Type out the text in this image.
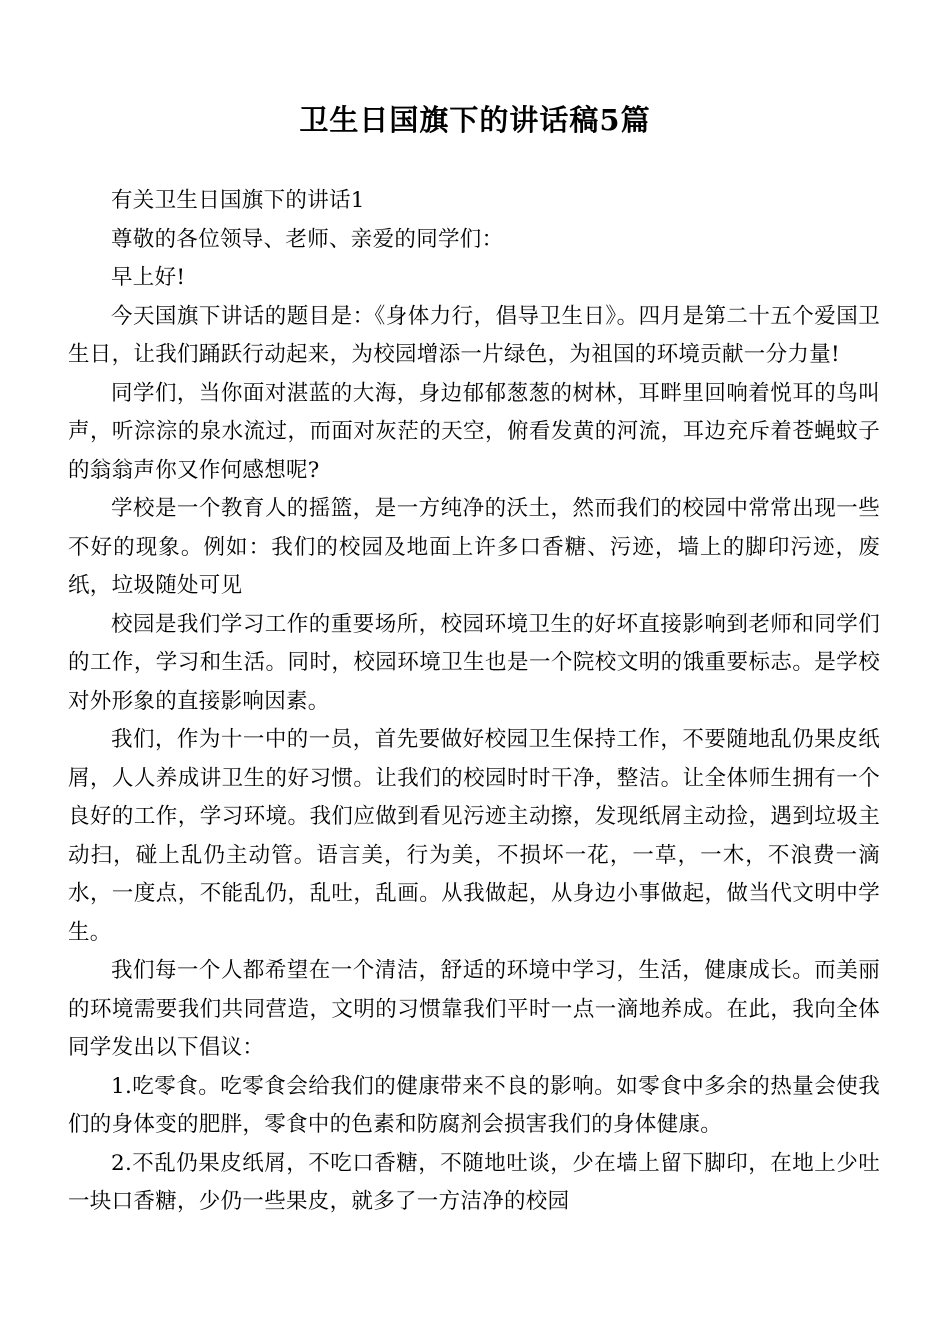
卫生日国旗下的讲话稿5篇

有关卫生日国旗下的讲话1

尊敬的各位领导、老师、亲爱的同学们：

早上好!

今天国旗下讲话的题目是：《身体力行，倡导卫生日》。四月是第二十五个爱国卫生日，让我们踊跃行动起来，为校园增添一片绿色，为祖国的环境贡献一分力量!

同学们，当你面对湛蓝的大海，身边郁郁葱葱的树林，耳畔里回响着悦耳的鸟叫声，听淙淙的泉水流过，而面对灰茫的天空，俯看发黄的河流，耳边充斥着苍蝇蚊子的翁翁声你又作何感想呢?

学校是一个教育人的摇篮，是一方纯净的沃土，然而我们的校园中常常出现一些不好的现象。例如：我们的校园及地面上许多口香糖、污迹，墙上的脚印污迹，废纸，垃圾随处可见

校园是我们学习工作的重要场所，校园环境卫生的好坏直接影响到老师和同学们的工作，学习和生活。同时，校园环境卫生也是一个院校文明的饿重要标志。是学校对外形象的直接影响因素。

我们，作为十一中的一员，首先要做好校园卫生保持工作，不要随地乱仍果皮纸屑，人人养成讲卫生的好习惯。让我们的校园时时干净，整洁。让全体师生拥有一个良好的工作，学习环境。我们应做到看见污迹主动擦，发现纸屑主动捡，遇到垃圾主动扫，碰上乱仍主动管。语言美，行为美，不损坏一花，一草，一木，不浪费一滴水，一度点，不能乱仍，乱吐，乱画。从我做起，从身边小事做起，做当代文明中学生。

我们每一个人都希望在一个清洁，舒适的环境中学习，生活，健康成长。而美丽的环境需要我们共同营造，文明的习惯靠我们平时一点一滴地养成。在此，我向全体同学发出以下倡议：

1.吃零食。吃零食会给我们的健康带来不良的影响。如零食中多余的热量会使我们的身体变的肥胖，零食中的色素和防腐剂会损害我们的身体健康。

2.不乱仍果皮纸屑，不吃口香糖，不随地吐谈，少在墙上留下脚印，在地上少吐一块口香糖，少仍一些果皮，就多了一方洁净的校园
